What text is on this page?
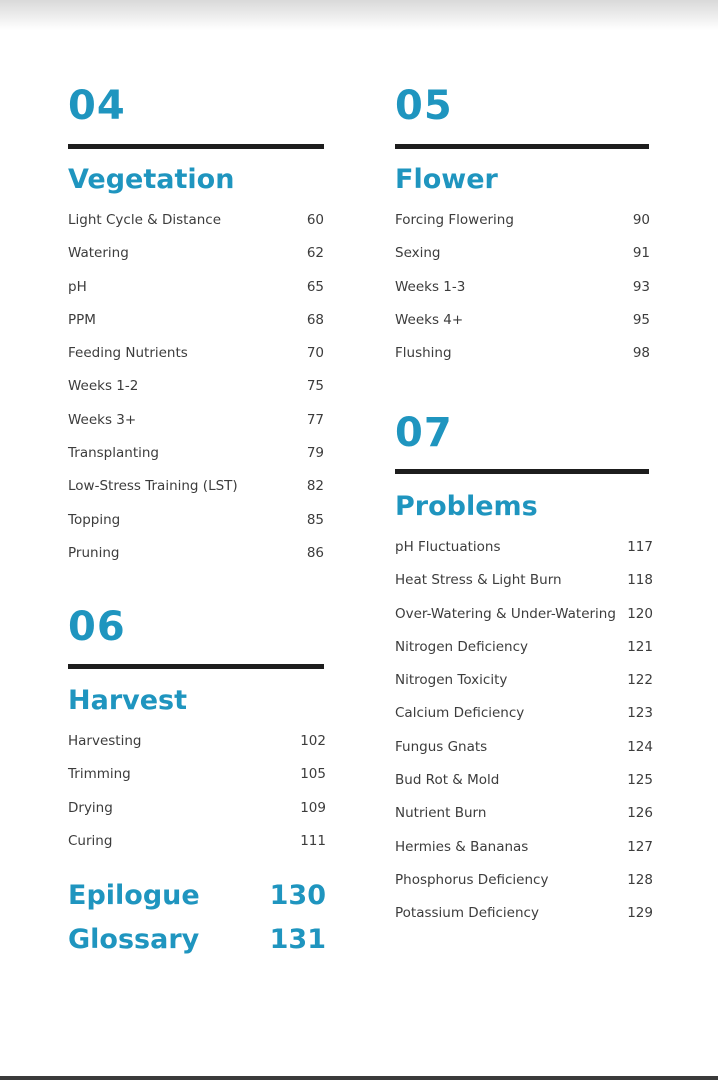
04
Vegetation
Light Cycle & Distance	60
Watering	62
pH	65
PPM	68
Feeding Nutrients	70
Weeks 1-2	75
Weeks 3+	77
Transplanting	79
Low-Stress Training (LST)	82
Topping	85
Pruning	86
05
Flower
Forcing Flowering	90
Sexing	91
Weeks 1-3	93
Weeks 4+	95
Flushing	98
06
Harvest
Harvesting	102
Trimming	105
Drying	109
Curing	111
07
Problems
pH Fluctuations	117
Heat Stress & Light Burn	118
Over-Watering & Under-Watering 120
Nitrogen Deficiency	121
Nitrogen Toxicity	122
Calcium Deficiency	123
Fungus Gnats	124
Bud Rot & Mold	125
Nutrient Burn	126
Hermies & Bananas	127
Phosphorus Deficiency	128
Potassium Deficiency	129
Epilogue	130
Glossary	131
